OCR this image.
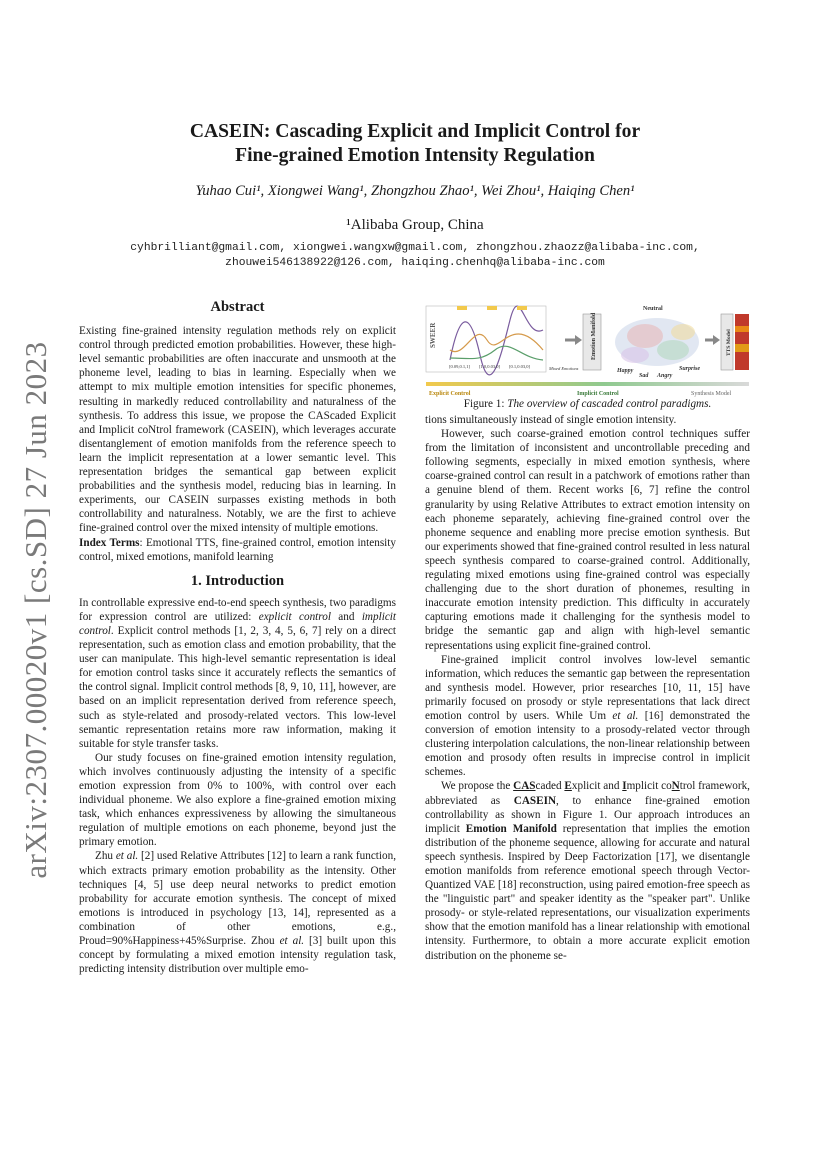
arXiv:2307.00020v1 [cs.SD] 27 Jun 2023
CASEIN: Cascading Explicit and Implicit Control for
Fine-grained Emotion Intensity Regulation
Yuhao Cui¹, Xiongwei Wang¹, Zhongzhou Zhao¹, Wei Zhou¹, Haiqing Chen¹
¹Alibaba Group, China
cyhbrilliant@gmail.com, xiongwei.wangxw@gmail.com, zhongzhou.zhaozz@alibaba-inc.com,
zhouwei546138922@126.com, haiqing.chenhq@alibaba-inc.com

Abstract

Existing fine-grained intensity regulation methods rely on explicit control through predicted emotion probabilities. However, these high-level semantic probabilities are often inaccurate and unsmooth at the phoneme level, leading to bias in learning. Especially when we attempt to mix multiple emotion intensities for specific phonemes, resulting in markedly reduced controllability and naturalness of the synthesis. To address this issue, we propose the CAScaded Explicit and Implicit coNtrol framework (CASEIN), which leverages accurate disentanglement of emotion manifolds from the reference speech to learn the implicit representation at a lower semantic level. This representation bridges the semantical gap between explicit probabilities and the synthesis model, reducing bias in learning. In experiments, our CASEIN surpasses existing methods in both controllability and naturalness. Notably, we are the first to achieve fine-grained control over the mixed intensity of multiple emotions.

Index Terms: Emotional TTS, fine-grained control, emotion intensity control, mixed emotions, manifold learning

1. Introduction

In controllable expressive end-to-end speech synthesis, two paradigms for expression control are utilized: explicit control and implicit control. Explicit control methods [1, 2, 3, 4, 5, 6, 7] rely on a direct representation, such as emotion class and emotion probability, that the user can manipulate. This high-level semantic representation is ideal for emotion control tasks since it accurately reflects the semantics of the control signal. Implicit control methods [8, 9, 10, 11], however, are based on an implicit representation derived from reference speech, such as style-related and prosody-related vectors. This low-level semantic representation retains more raw information, making it suitable for style transfer tasks.

Our study focuses on fine-grained emotion intensity regulation, which involves continuously adjusting the intensity of a specific emotion expression from 0% to 100%, with control over each individual phoneme. We also explore a fine-grained emotion mixing task, which enhances expressiveness by allowing the simultaneous regulation of multiple emotions on each phoneme, beyond just the primary emotion.

Zhu et al. [2] used Relative Attributes [12] to learn a rank function, which extracts primary emotion probability as the intensity. Other techniques [4, 5] use deep neural networks to predict emotion probability for accurate emotion synthesis. The concept of mixed emotions is introduced in psychology [13, 14], represented as a combination of other emotions, e.g., Proud=90%Happiness+45%Surprise. Zhou et al. [3] built upon this concept by formulating a mixed emotion intensity regulation task, predicting intensity distribution over multiple emo-

SWEER
[0.09,0.1,1] [1.0,0.03,0] [0.1,0.03,0]	Mixed Emotions
Emotion Manifold
Neutral
Happy
Sad Angry
Surprise
TTS Model
Explicit Control	Implicit Control	Synthesis Model
Figure 1: The overview of cascaded control paradigms.

tions simultaneously instead of single emotion intensity.

However, such coarse-grained emotion control techniques suffer from the limitation of inconsistent and uncontrollable preceding and following segments, especially in mixed emotion synthesis, where coarse-grained control can result in a patchwork of emotions rather than a genuine blend of them. Recent works [6, 7] refine the control granularity by using Relative Attributes to extract emotion intensity on each phoneme separately, achieving fine-grained control over the phoneme sequence and enabling more precise emotion synthesis. But our experiments showed that fine-grained control resulted in less natural speech synthesis compared to coarse-grained control. Additionally, regulating mixed emotions using fine-grained control was especially challenging due to the short duration of phonemes, resulting in inaccurate emotion intensity prediction. This difficulty in accurately capturing emotions made it challenging for the synthesis model to bridge the semantic gap and align with high-level semantic representations using explicit fine-grained control.

Fine-grained implicit control involves low-level semantic information, which reduces the semantic gap between the representation and synthesis model. However, prior researches [10, 11, 15] have primarily focused on prosody or style representations that lack direct emotion control by users. While Um et al. [16] demonstrated the conversion of emotion intensity to a prosody-related vector through clustering interpolation calculations, the non-linear relationship between emotion and prosody often results in imprecise control in implicit schemes.

We propose the CAScaded Explicit and Implicit coNtrol framework, abbreviated as CASEIN, to enhance fine-grained emotion controllability as shown in Figure 1. Our approach introduces an implicit Emotion Manifold representation that implies the emotion distribution of the phoneme sequence, allowing for accurate and natural speech synthesis. Inspired by Deep Factorization [17], we disentangle emotion manifolds from reference emotional speech through Vector-Quantized VAE [18] reconstruction, using paired emotion-free speech as the "linguistic part" and speaker identity as the "speaker part". Unlike prosody- or style-related representations, our visualization experiments show that the emotion manifold has a linear relationship with emotional intensity. Furthermore, to obtain a more accurate explicit emotion distribution on the phoneme se-
